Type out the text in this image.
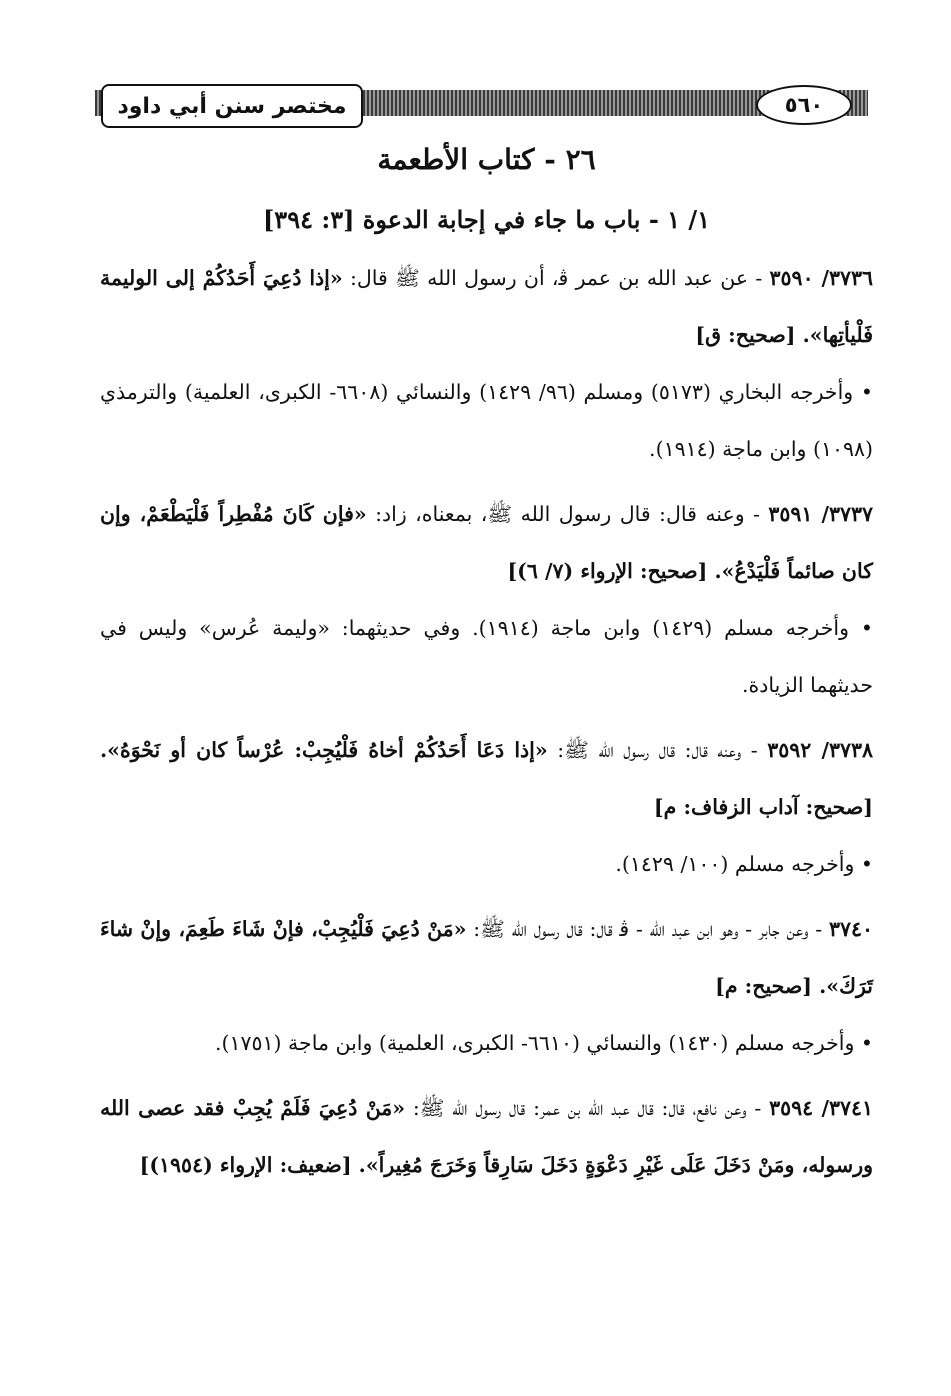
مختصر سنن أبي داود	٥٦٠
٢٦ - كتاب الأطعمة
١/ ١ - باب ما جاء في إجابة الدعوة [٣: ٣٩٤]

٣٧٣٦/ ٣٥٩٠ - عن عبد الله بن عمر ﭬ، أن رسول الله ﷺ قال: «إذا دُعِيَ أَحَدُكُمْ إلى الوليمة فَلْيأتِها». [صحيح: ق]

• وأخرجه البخاري (٥١٧٣) ومسلم (٩٦/ ١٤٢٩) والنسائي (٦٦٠٨- الكبرى، العلمية) والترمذي (١٠٩٨) وابن ماجة (١٩١٤).

٣٧٣٧/ ٣٥٩١ - وعنه قال: قال رسول الله ﷺ، بمعناه، زاد: «فإن كَانَ مُفْطِراً فَلْيَطْعَمْ، وإن كان صائماً فَلْيَدْعُ». [صحيح: الإرواء (٧/ ٦)]

• وأخرجه مسلم (١٤٢٩) وابن ماجة (١٩١٤). وفي حديثهما: «وليمة عُرس» وليس في حديثهما الزيادة.

٣٧٣٨/ ٣٥٩٢ - وعنه قال: قال رسول الله ﷺ: «إذا دَعَا أَحَدُكُمْ أخاهُ فَلْيُجِبْ: عُرْساً كان أو نَحْوَهُ». [صحيح: آداب الزفاف: م]

• وأخرجه مسلم (١٠٠/ ١٤٢٩).

٣٧٤٠ - وعن جابر - وهو ابن عبد الله - ﭬ قال: قال رسول الله ﷺ: «مَنْ دُعِيَ فَلْيُجِبْ، فإنْ شَاءَ طَعِمَ، وإنْ شاءَ تَرَكَ». [صحيح: م]

• وأخرجه مسلم (١٤٣٠) والنسائي (٦٦١٠- الكبرى، العلمية) وابن ماجة (١٧٥١).

٣٧٤١/ ٣٥٩٤ - وعن نافع، قال: قال عبد الله بن عمر: قال رسول الله ﷺ: «مَنْ دُعِيَ فَلَمْ يُجِبْ فقد عصى الله ورسوله، ومَنْ دَخَلَ عَلَى غَيْرِ دَعْوَةٍ دَخَلَ سَارِقاً وَخَرَجَ مُغِيراً». [ضعيف: الإرواء (١٩٥٤)]
